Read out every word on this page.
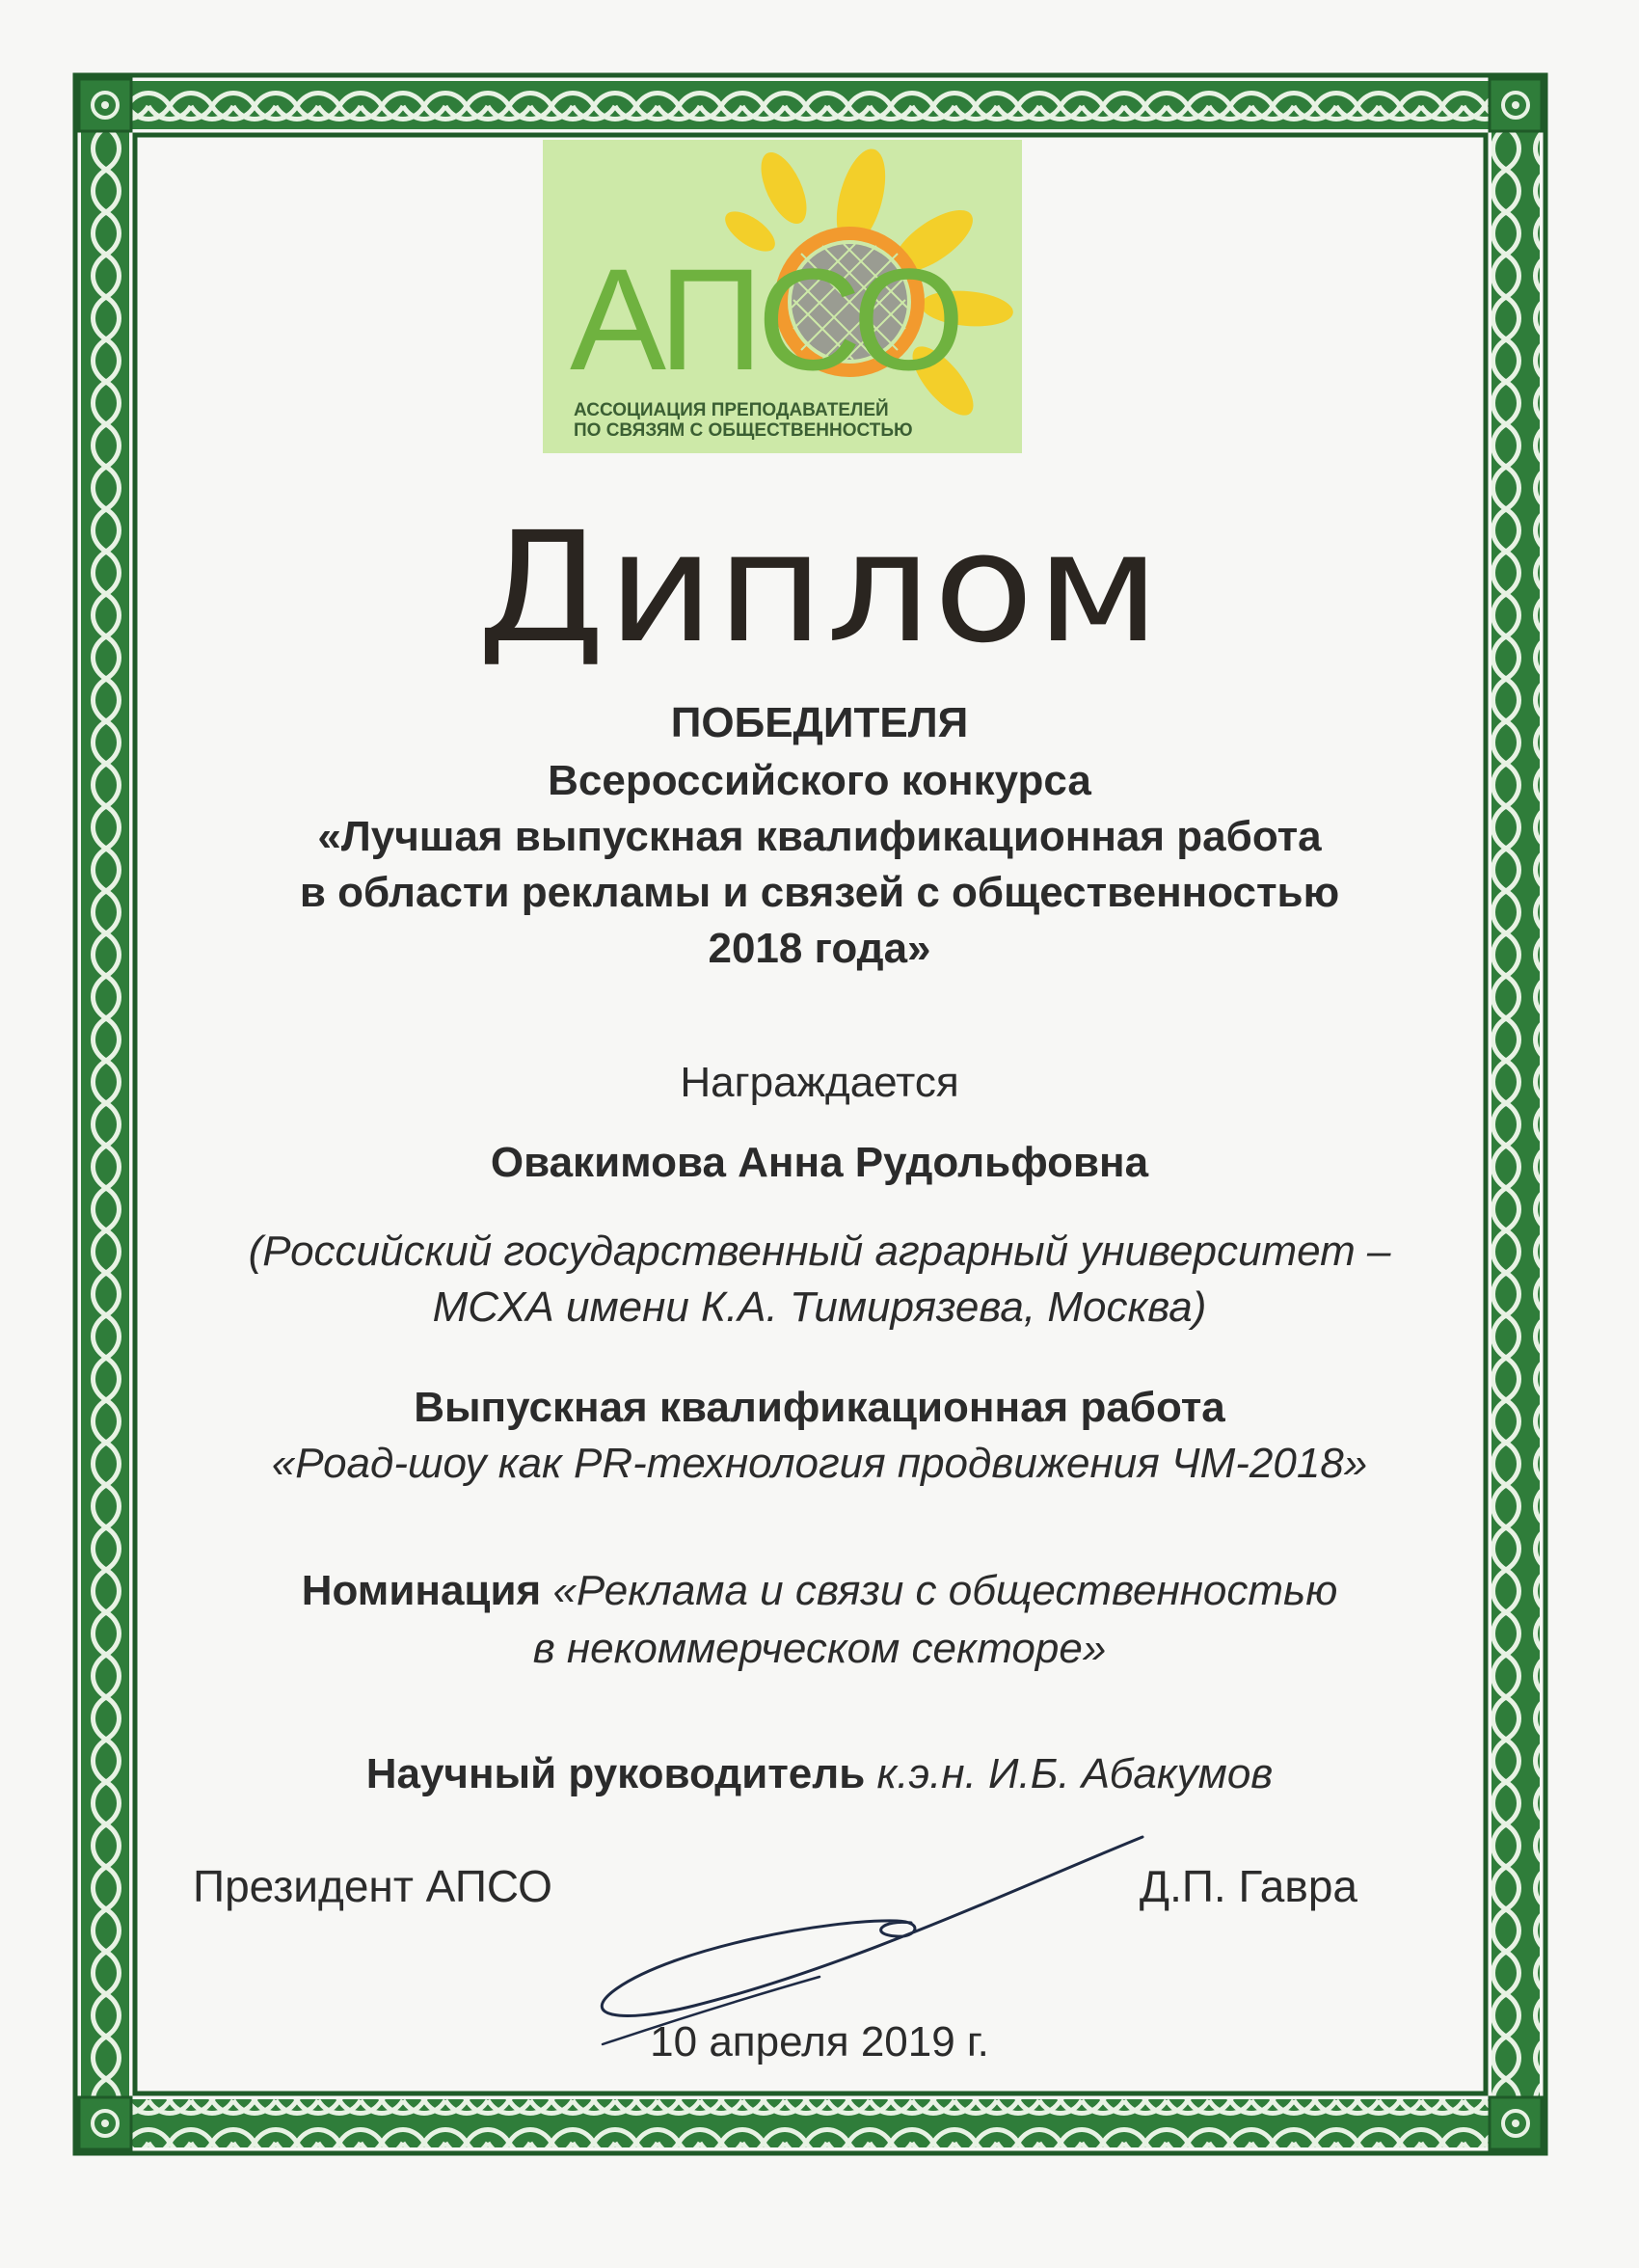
АПСО
АССОЦИАЦИЯ ПРЕПОДАВАТЕЛЕЙ
ПО СВЯЗЯМ С ОБЩЕСТВЕННОСТЬЮ
Диплом
ПОБЕДИТЕЛЯ
Всероссийского конкурса
«Лучшая выпускная квалификационная работа
в области рекламы и связей с общественностью
2018 года»
Награждается
Овакимова Анна Рудольфовна
(Российский государственный аграрный университет –
МСХА имени К.А. Тимирязева, Москва)
Выпускная квалификационная работа
«Роад-шоу как PR-технология продвижения ЧМ-2018»
Номинация «Реклама и связи с общественностью
в некоммерческом секторе»
Научный руководитель к.э.н. И.Б. Абакумов
Президент АПСО	Д.П. Гавра
10 апреля 2019 г.
